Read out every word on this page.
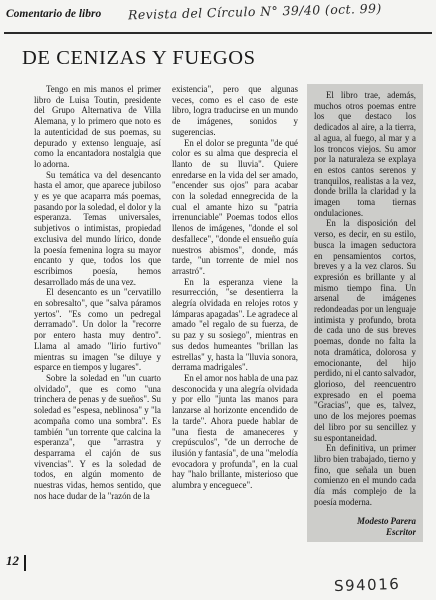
Comentario de libro Revista del Círculo N° 39/40 (oct. 99)
DE CENIZAS Y FUEGOS

Tengo en mis manos el primer libro de Luisa Toutin, presidente del Grupo Alternativa de Villa Alemana, y lo primero que noto es la autenticidad de sus poemas, su depurado y extenso lenguaje, así como la encantadora nostalgia que lo adorna.

Su temática va del desencanto hasta el amor, que aparece jubiloso y es ye que acaparra más poemas, pasando por la soledad, el dolor y la esperanza. Temas universales, subjetivos o intimistas, propiedad exclusiva del mundo lírico, donde la poesía femenina logra su mayor encanto y que, todos los que escribimos poesía, hemos desarrollado más de una vez.

El desencanto es un "cervatillo en sobresalto", que "salva páramos yertos". "Es como un pedregal derramado". Un dolor la "recorre por entero hasta muy dentro". Llama al amado "lirio furtivo" mientras su imagen "se diluye y esparce en tiempos y lugares".

Sobre la soledad en "un cuarto olvidado", que es como "una trinchera de penas y de sueños". Su soledad es "espesa, neblinosa" y "la acompaña como una sombra". Es también "un torrente que calcina la esperanza", que "arrastra y desparrama el cajón de sus vivencias". Y es la soledad de todos, en algún momento de nuestras vidas, hemos sentido, que nos hace dudar de la "razón de la

existencia", pero que algunas veces, como es el caso de este libro, logra traducirse en un mundo de imágenes, sonidos y sugerencias.

En el dolor se pregunta "de qué color es su alma que desprecia el llanto de su lluvia". Quiere enredarse en la vida del ser amado, "encender sus ojos" para acabar con la soledad ennegrecida de la cual el amante hizo su "patria irrenunciable" Poemas todos ellos llenos de imágenes, "donde el sol desfallece", "donde el ensueño guía nuestros abismos", donde, más tarde, "un torrente de miel nos arrastró".

En la esperanza viene la resurrección, "se desentierra la alegría olvidada en relojes rotos y lámparas apagadas". Le agradece al amado "el regalo de su fuerza, de su paz y su sosiego", mientras en sus dedos humeantes "brillan las estrellas" y, hasta la "lluvia sonora, derrama madrigales".

En el amor nos habla de una paz desconocida y una alegría olvidada y por ello "junta las manos para lanzarse al horizonte encendido de la tarde". Ahora puede hablar de "una fiesta de amaneceres y crepúsculos", "de un derroche de ilusión y fantasía", de una "melodía evocadora y profunda", en la cual hay "halo brillante, misterioso que alumbra y enceguece".

El libro trae, además, muchos otros poemas entre los que destaco los dedicados al aire, a la tierra, al agua, al fuego, al mar y a los troncos viejos. Su amor por la naturaleza se explaya en estos cantos serenos y tranquilos, realistas a la vez, donde brilla la claridad y la imagen toma tiernas ondulaciones.

En la disposición del verso, es decir, en su estilo, busca la imagen seductora en pensamientos cortos, breves y a la vez claros. Su expresión es brillante y al mismo tiempo fina. Un arsenal de imágenes redondeadas por un lenguaje intimista y profundo, brota de cada uno de sus breves poemas, donde no falta la nota dramática, dolorosa y emocionante, del hijo perdido, ni el canto salvador, glorioso, del reencuentro expresado en el poema "Gracias", que es, talvez, uno de los mejores poemas del libro por su sencillez y su espontaneidad.

En definitiva, un primer libro bien trabajado, tierno y fino, que señala un buen comienzo en el mundo cada día más complejo de la poesía moderna.

Modesto Parera
Escritor
12
S94016
